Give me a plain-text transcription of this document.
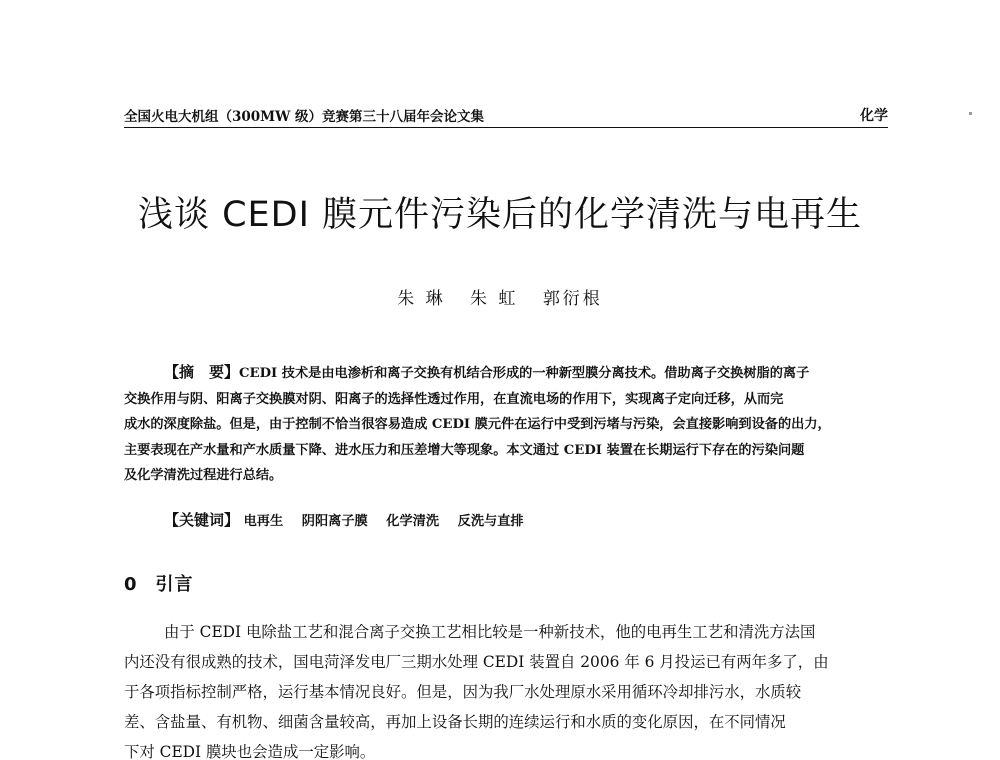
全国火电大机组（300MW 级）竞赛第三十八届年会论文集	化学
浅谈 CEDI 膜元件污染后的化学清洗与电再生
朱 琳 朱 虹 郭衍根
【摘　要】CEDI 技术是由电渗析和离子交换有机结合形成的一种新型膜分离技术。借助离子交换树脂的离子
交换作用与阴、阳离子交换膜对阴、阳离子的选择性透过作用，在直流电场的作用下，实现离子定向迁移，从而完
成水的深度除盐。但是，由于控制不恰当很容易造成 CEDI 膜元件在运行中受到污堵与污染，会直接影响到设备的出力，
主要表现在产水量和产水质量下降、进水压力和压差增大等现象。本文通过 CEDI 装置在长期运行下存在的污染问题
及化学清洗过程进行总结。
【关键词】 电再生 阴阳离子膜 化学清洗 反洗与直排
0 引言
由于 CEDI 电除盐工艺和混合离子交换工艺相比较是一种新技术，他的电再生工艺和清洗方法国
内还没有很成熟的技术，国电菏泽发电厂三期水处理 CEDI 装置自 2006 年 6 月投运已有两年多了，由
于各项指标控制严格，运行基本情况良好。但是，因为我厂水处理原水采用循环冷却排污水，水质较
差、含盐量、有机物、细菌含量较高，再加上设备长期的连续运行和水质的变化原因，在不同情况
下对 CEDI 膜块也会造成一定影响。
